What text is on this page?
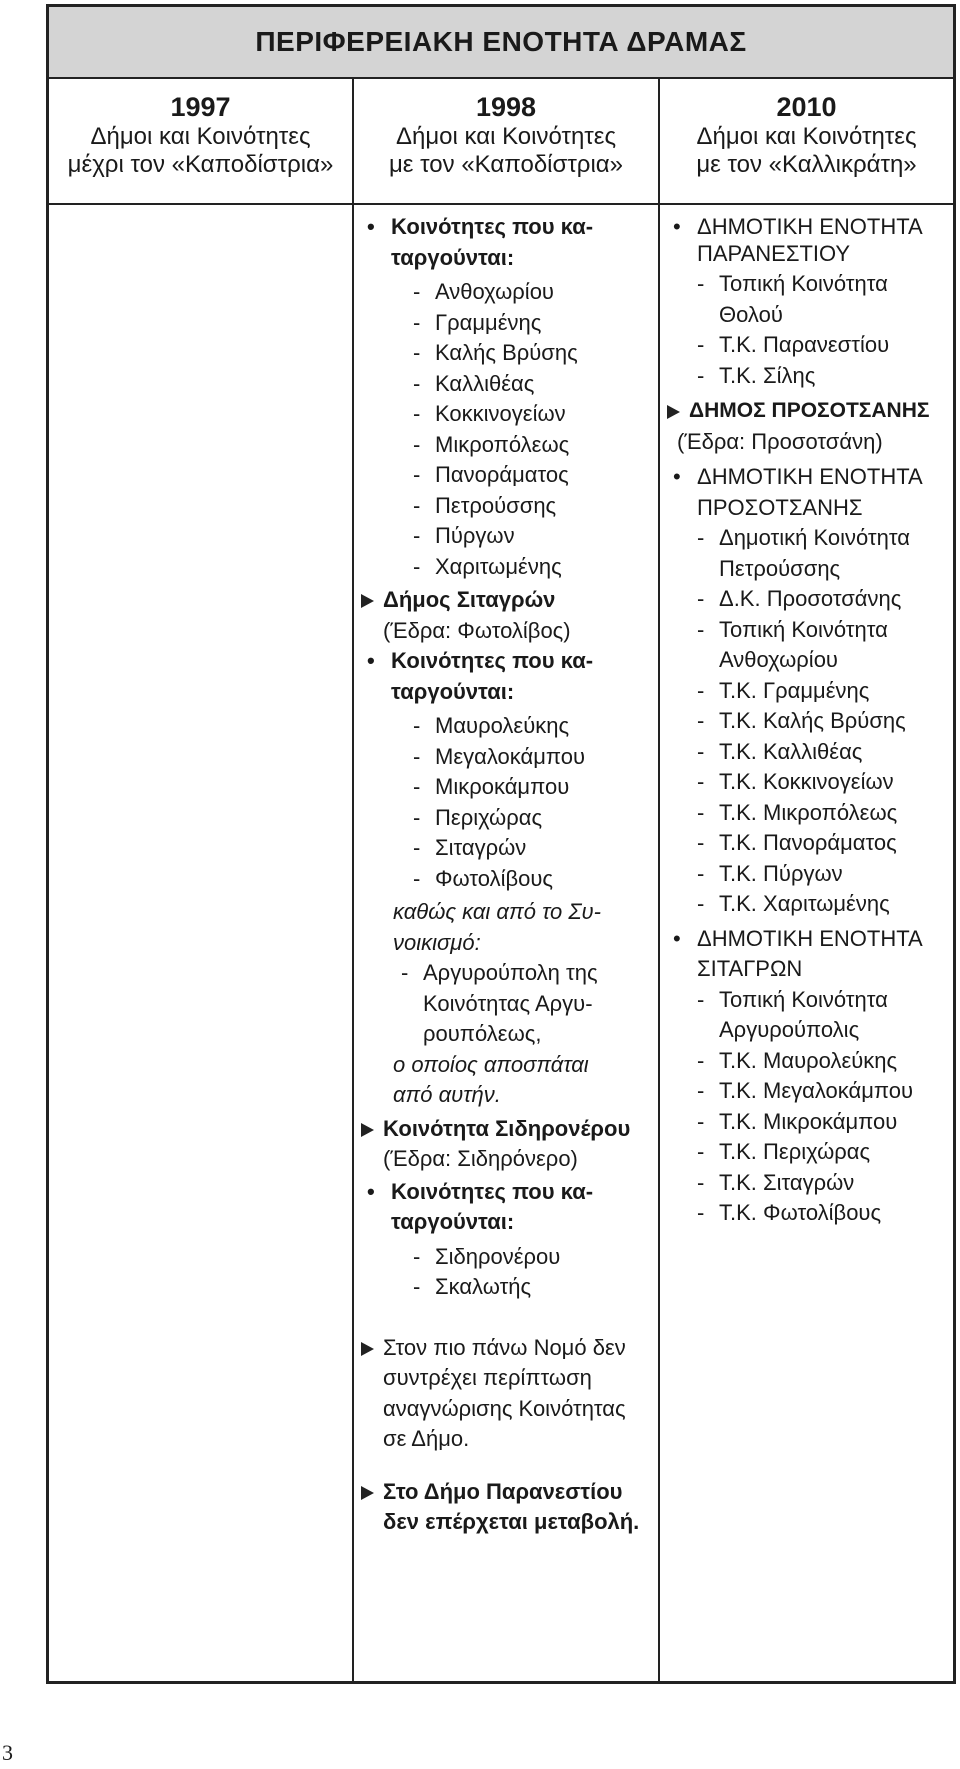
ΠΕΡΙΦΕΡΕΙΑΚΗ ΕΝΟΤΗΤΑ ΔΡΑΜΑΣ
1997
Δήμοι και Κοινότητες
μέχρι τον «Καποδίστρια»
1998
Δήμοι και Κοινότητες
με τον «Καποδίστρια»
2010
Δήμοι και Κοινότητες
με τον «Καλλικράτη»
• Κοινότητες που κα-
ταργούνται:
- Ανθοχωρίου
- Γραμμένης
- Καλής Βρύσης
- Καλλιθέας
- Κοκκινογείων
- Μικροπόλεως
- Πανοράματος
- Πετρούσσης
- Πύργων
- Χαριτωμένης
Δήμος Σιταγρών
(Έδρα: Φωτολίβος)
• Κοινότητες που κα-
ταργούνται:
- Μαυρολεύκης
- Μεγαλοκάμπου
- Μικροκάμπου
- Περιχώρας
- Σιταγρών
- Φωτολίβους
καθώς και από το Συ-
νοικισμό:
- Αργυρούπολη της
Κοινότητας Αργυ-
ρουπόλεως,
ο οποίος αποσπάται
από αυτήν.
Κοινότητα Σιδηρονέρου
(Έδρα: Σιδηρόνερο)
• Κοινότητες που κα-
ταργούνται:
- Σιδηρονέρου
- Σκαλωτής
Στον πιο πάνω Νομό δεν
συντρέχει περίπτωση
αναγνώρισης Κοινότητας
σε Δήμο.
Στο Δήμο Παρανεστίου
δεν επέρχεται μεταβολή.
• ΔΗΜΟΤΙΚΗ ΕΝΟΤΗΤΑ
ΠΑΡΑΝΕΣΤΙΟΥ
- Τοπική Κοινότητα
Θολού
- Τ.Κ. Παρανεστίου
- Τ.Κ. Σίλης
ΔΗΜΟΣ ΠΡΟΣΟΤΣΑΝΗΣ
(Έδρα: Προσοτσάνη)
• ΔΗΜΟΤΙΚΗ ΕΝΟΤΗΤΑ
ΠΡΟΣΟΤΣΑΝΗΣ
- Δημοτική Κοινότητα
Πετρούσσης
- Δ.Κ. Προσοτσάνης
- Τοπική Κοινότητα
Ανθοχωρίου
- Τ.Κ. Γραμμένης
- Τ.Κ. Καλής Βρύσης
- Τ.Κ. Καλλιθέας
- Τ.Κ. Κοκκινογείων
- Τ.Κ. Μικροπόλεως
- Τ.Κ. Πανοράματος
- Τ.Κ. Πύργων
- Τ.Κ. Χαριτωμένης
• ΔΗΜΟΤΙΚΗ ΕΝΟΤΗΤΑ
ΣΙΤΑΓΡΩΝ
- Τοπική Κοινότητα
Αργυρούπολις
- Τ.Κ. Μαυρολεύκης
- Τ.Κ. Μεγαλοκάμπου
- Τ.Κ. Μικροκάμπου
- Τ.Κ. Περιχώρας
- Τ.Κ. Σιταγρών
- Τ.Κ. Φωτολίβους
3
